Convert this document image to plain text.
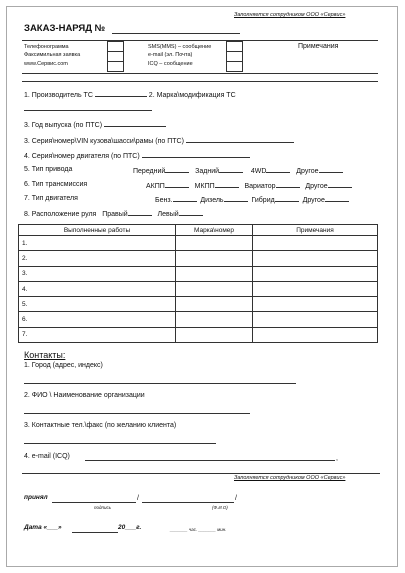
Заполняется сотрудником ООО «Сервис»
ЗАКАЗ-НАРЯД №
Телефонограмма
Факсимильная заявка
www.Сервис.com
SMS(MMS) – сообщение
e-mail (эл. Почта)
ICQ – сообщение
Примечания
1. Производитель ТС	2. Марка\модификация ТС
3. Год выпуска (по ПТС)
3. Серия\номер\VIN кузова\шасси\рамы (по ПТС)
4. Серия\номер двигателя (по ПТС)
5. Тип привода	Передний	Задний	4WD	Другое
6. Тип трансмиссия	АКПП	МКПП	Вариатор	Другое
7. Тип двигателя	Бенз.	Дизель	Гибрид	Другое
8. Расположение руля Правый	Левый
Выполненные работы	Марка\номер	Примечания
1.		
2.		
3.		
4.		
5.		
6.		
7.		
Контакты:
1. Город (адрес, индекс)
2. ФИО \ Наименование организации
3. Контактные тел.\факс (по желанию клиента)
4. e-mail (ICQ)	,
Заполняется сотрудником ООО «Сервис»
принял	/	/
подпись	(Ф.И.О)
Дата «___»	20___г.	_______ час. _______ мин.
